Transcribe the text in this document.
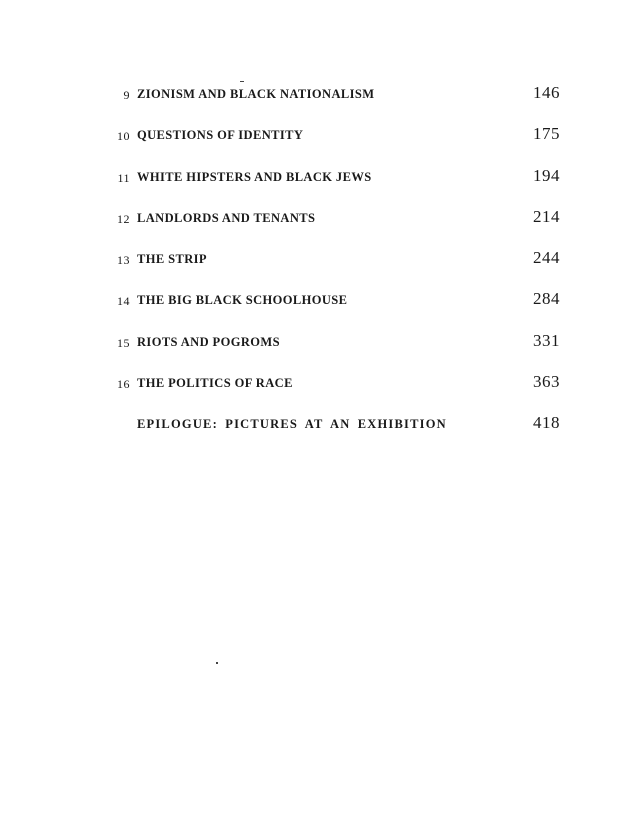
9 ZIONISM AND BLACK NATIONALISM	146
10 QUESTIONS OF IDENTITY	175
11 WHITE HIPSTERS AND BLACK JEWS	194
12 LANDLORDS AND TENANTS	214
13 THE STRIP	244
14 THE BIG BLACK SCHOOLHOUSE	284
15 RIOTS AND POGROMS	331
16 THE POLITICS OF RACE	363
EPILOGUE: PICTURES AT AN EXHIBITION	418
